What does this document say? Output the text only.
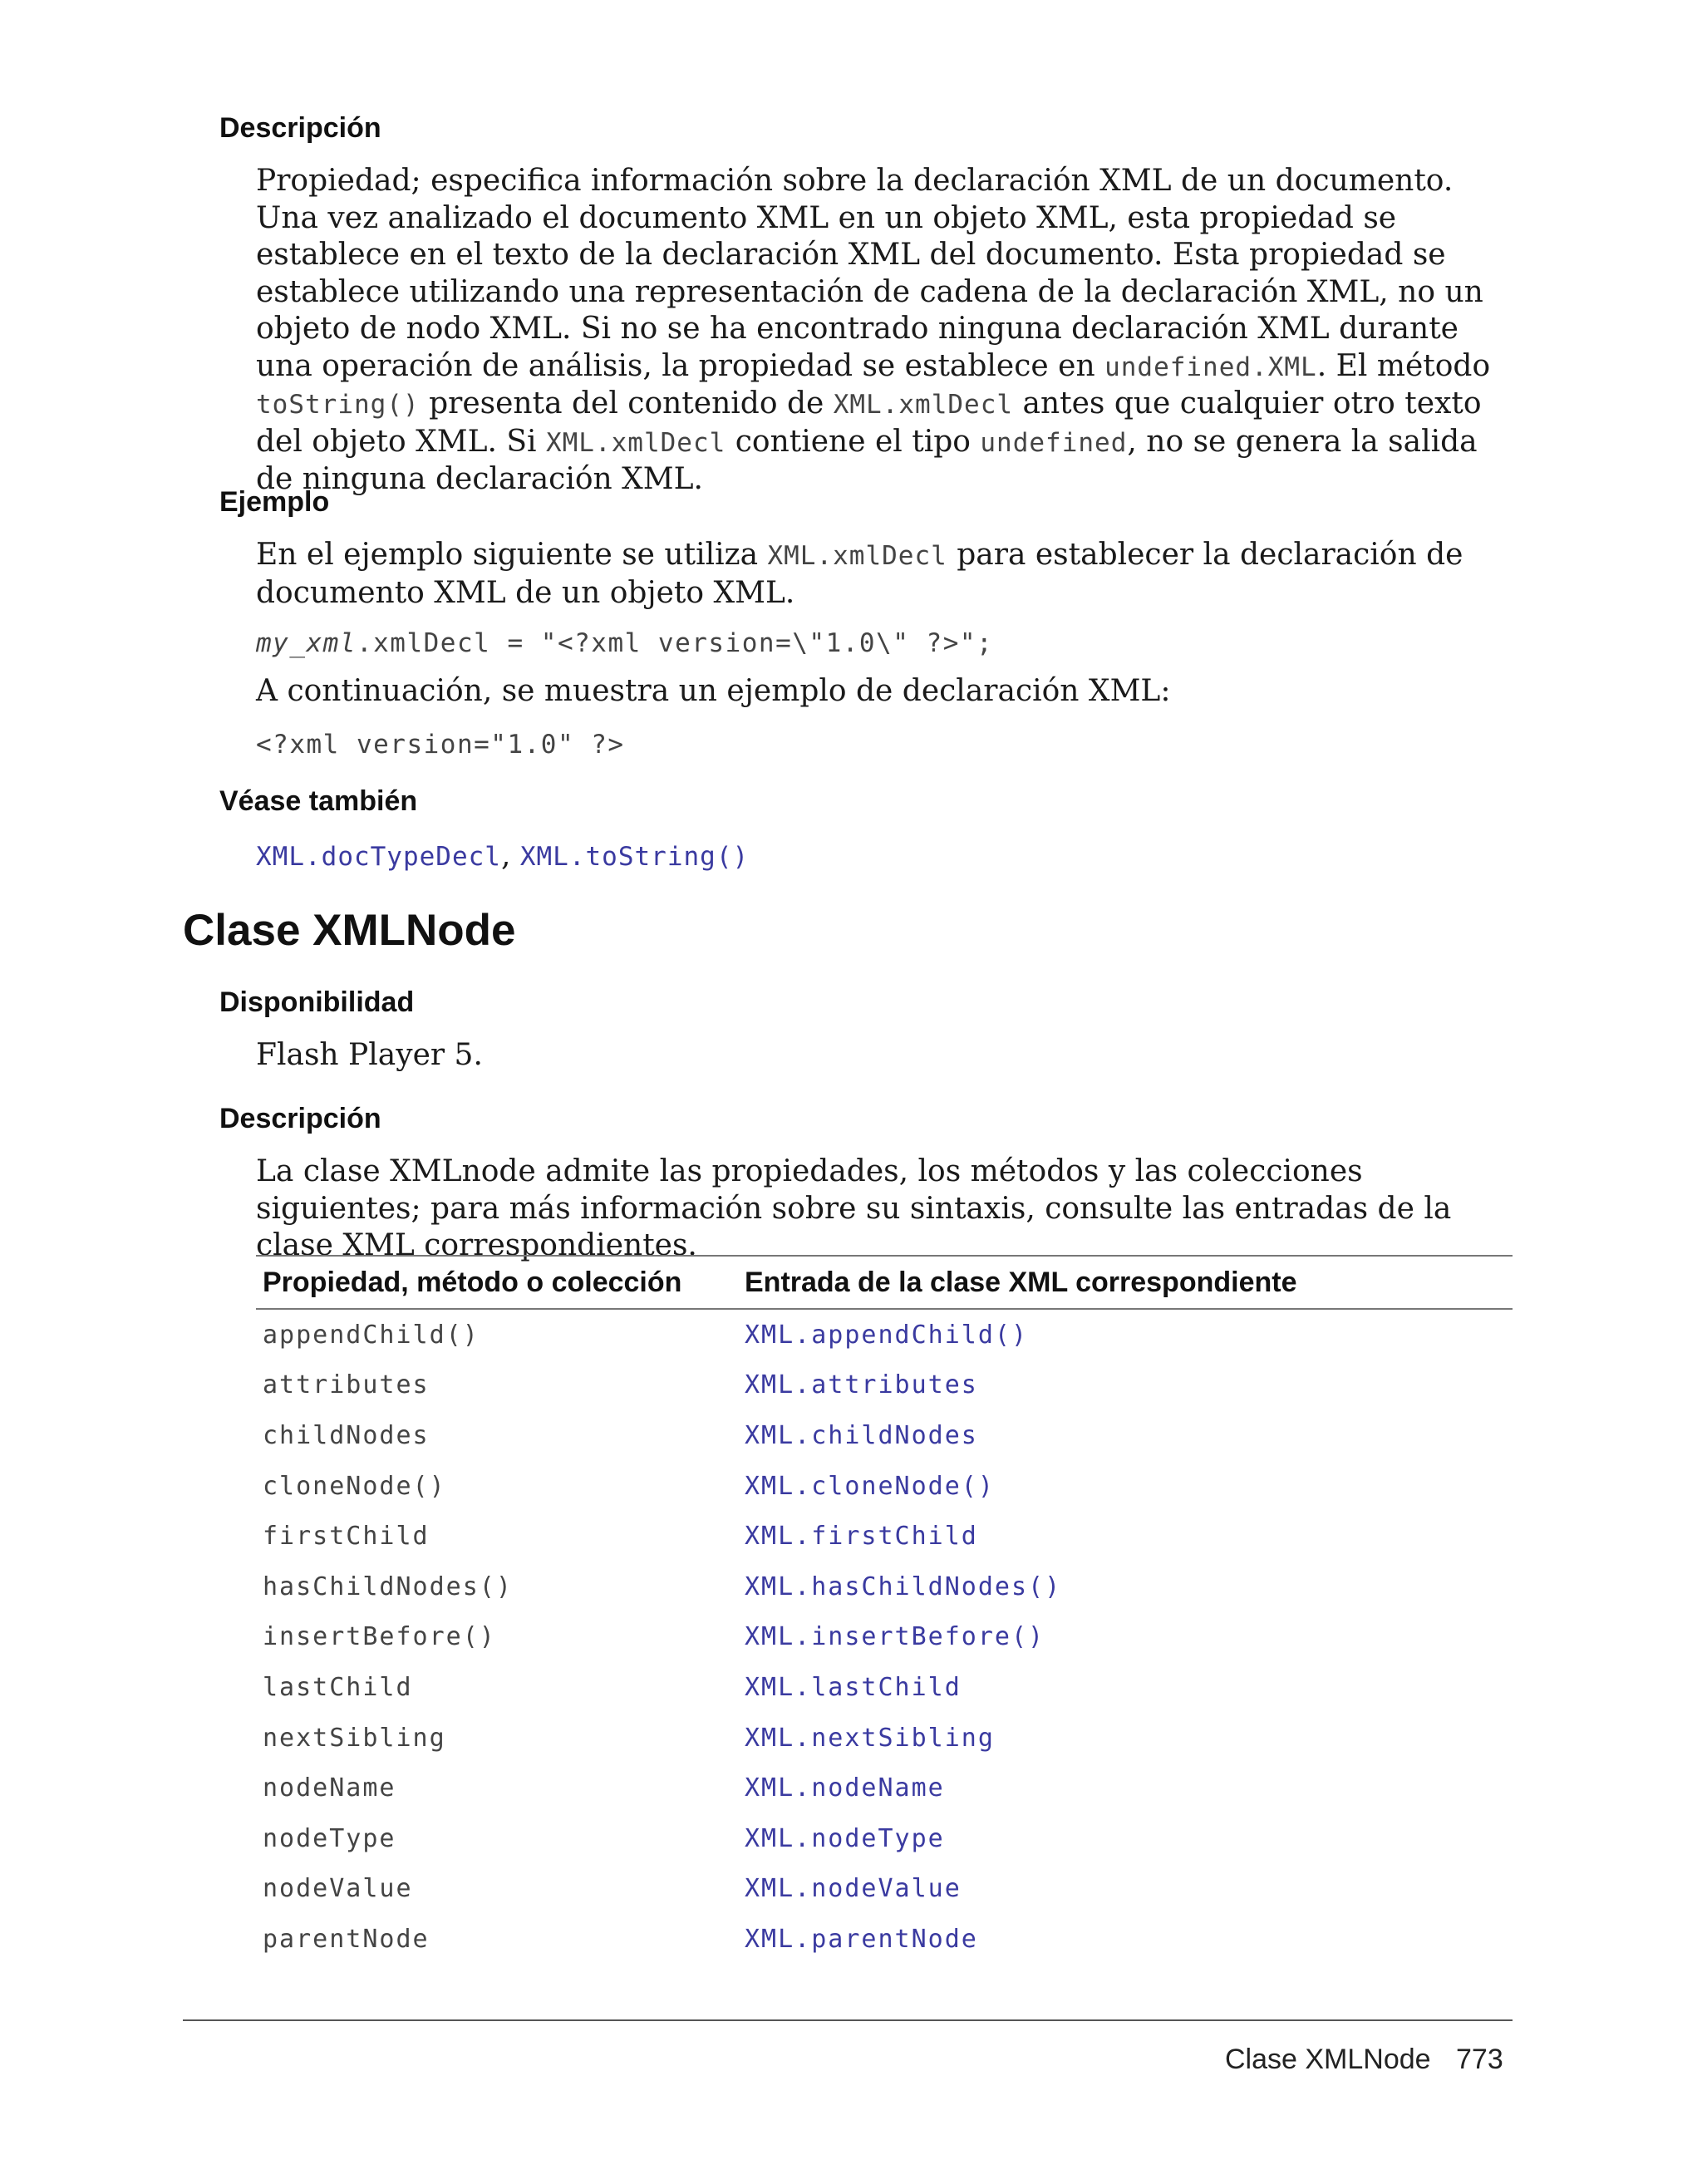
Descripción
Propiedad; especifica información sobre la declaración XML de un documento. Una vez analizado el documento XML en un objeto XML, esta propiedad se establece en el texto de la declaración XML del documento. Esta propiedad se establece utilizando una representación de cadena de la declaración XML, no un objeto de nodo XML. Si no se ha encontrado ninguna declaración XML durante una operación de análisis, la propiedad se establece en undefined.XML. El método toString() presenta del contenido de XML.xmlDecl antes que cualquier otro texto del objeto XML. Si XML.xmlDecl contiene el tipo undefined, no se genera la salida de ninguna declaración XML.
Ejemplo
En el ejemplo siguiente se utiliza XML.xmlDecl para establecer la declaración de documento XML de un objeto XML.
my_xml.xmlDecl = "<?xml version=\"1.0\" ?>";
A continuación, se muestra un ejemplo de declaración XML:
<?xml version="1.0" ?>
Véase también
XML.docTypeDecl, XML.toString()
Clase XMLNode
Disponibilidad
Flash Player 5.
Descripción
La clase XMLnode admite las propiedades, los métodos y las colecciones siguientes; para más información sobre su sintaxis, consulte las entradas de la clase XML correspondientes.
Propiedad, método o colección	Entrada de la clase XML correspondiente
appendChild()	XML.appendChild()
attributes	XML.attributes
childNodes	XML.childNodes
cloneNode()	XML.cloneNode()
firstChild	XML.firstChild
hasChildNodes()	XML.hasChildNodes()
insertBefore()	XML.insertBefore()
lastChild	XML.lastChild
nextSibling	XML.nextSibling
nodeName	XML.nodeName
nodeType	XML.nodeType
nodeValue	XML.nodeValue
parentNode	XML.parentNode
Clase XMLNode 773
